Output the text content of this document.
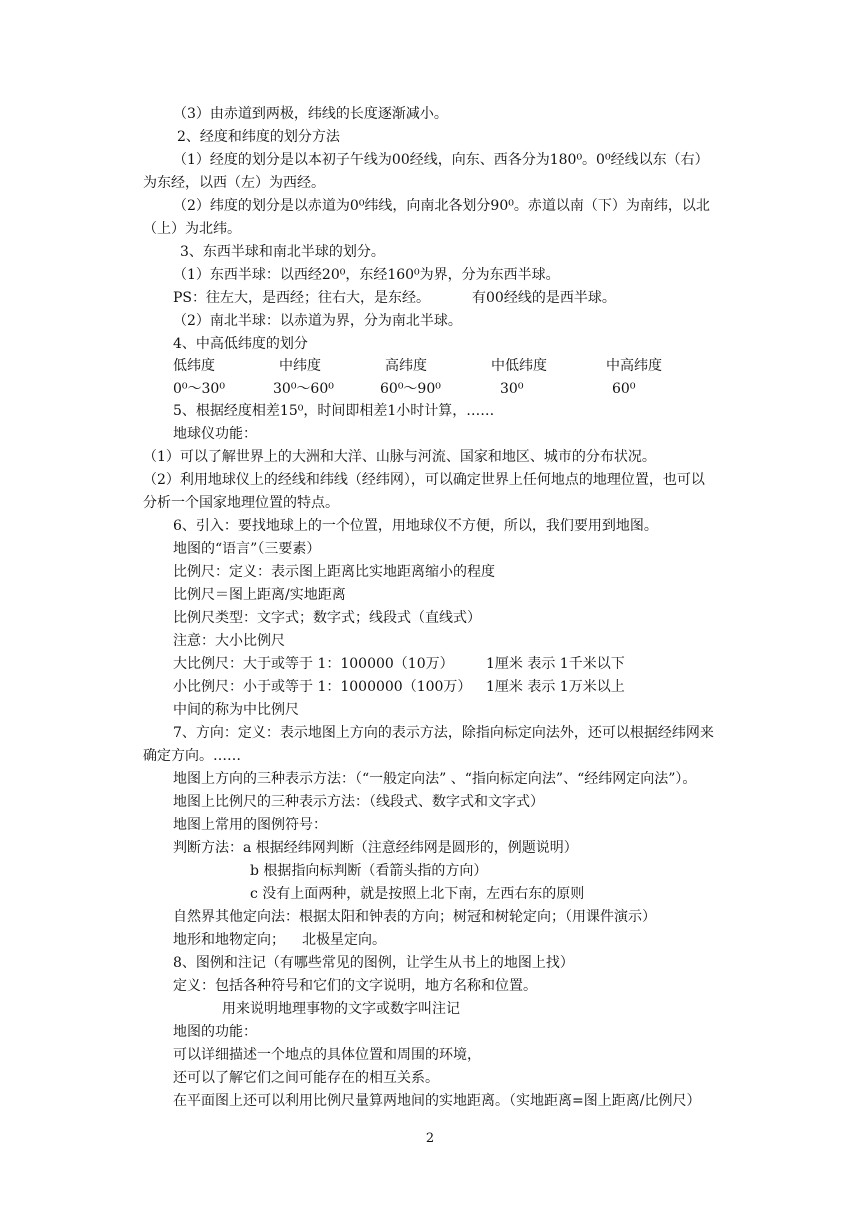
（3）由赤道到两极，纬线的长度逐渐减小。
2、经度和纬度的划分方法
（1）经度的划分是以本初子午线为00经线，向东、西各分为180⁰。0⁰经线以东（右）
为东经，以西（左）为西经。
（2）纬度的划分是以赤道为0⁰纬线，向南北各划分90⁰。赤道以南（下）为南纬，以北
（上）为北纬。
3、东西半球和南北半球的划分。
（1）东西半球：以西经20⁰，东经160⁰为界，分为东西半球。
PS：往左大，是西经；往右大，是东经。	有00经线的是西半球。
（2）南北半球：以赤道为界，分为南北半球。
4、中高低纬度的划分
低纬度	中纬度	高纬度	中低纬度	中高纬度
0⁰～30⁰	30⁰～60⁰	60⁰～90⁰	30⁰	60⁰
5、根据经度相差15⁰，时间即相差1小时计算，……
地球仪功能：
（1）可以了解世界上的大洲和大洋、山脉与河流、国家和地区、城市的分布状况。
（2）利用地球仪上的经线和纬线（经纬网），可以确定世界上任何地点的地理位置，也可以
分析一个国家地理位置的特点。
6、引入：要找地球上的一个位置，用地球仪不方便，所以，我们要用到地图。
地图的“语言”（三要素）
比例尺：定义：表示图上距离比实地距离缩小的程度
比例尺＝图上距离/实地距离
比例尺类型：文字式；数字式；线段式（直线式）
注意：大小比例尺
大比例尺：大于或等于 1：100000（10万） 1厘米 表示 1千米以下
小比例尺：小于或等于 1：1000000（100万） 1厘米 表示 1万米以上
中间的称为中比例尺
7、方向：定义：表示地图上方向的表示方法，除指向标定向法外，还可以根据经纬网来
确定方向。……
地图上方向的三种表示方法：（“一般定向法” 、“指向标定向法”、“经纬网定向法”）。
地图上比例尺的三种表示方法：（线段式、数字式和文字式）
地图上常用的图例符号：
判断方法：a 根据经纬网判断（注意经纬网是圆形的，例题说明）
b 根据指向标判断（看箭头指的方向）
c 没有上面两种，就是按照上北下南，左西右东的原则
自然界其他定向法：根据太阳和钟表的方向；树冠和树轮定向；（用课件演示）
地形和地物定向； 北极星定向。
8、图例和注记（有哪些常见的图例，让学生从书上的地图上找）
定义：包括各种符号和它们的文字说明，地方名称和位置。
用来说明地理事物的文字或数字叫注记
地图的功能：
可以详细描述一个地点的具体位置和周围的环境，
还可以了解它们之间可能存在的相互关系。
在平面图上还可以利用比例尺量算两地间的实地距离。（实地距离=图上距离/比例尺）
2
